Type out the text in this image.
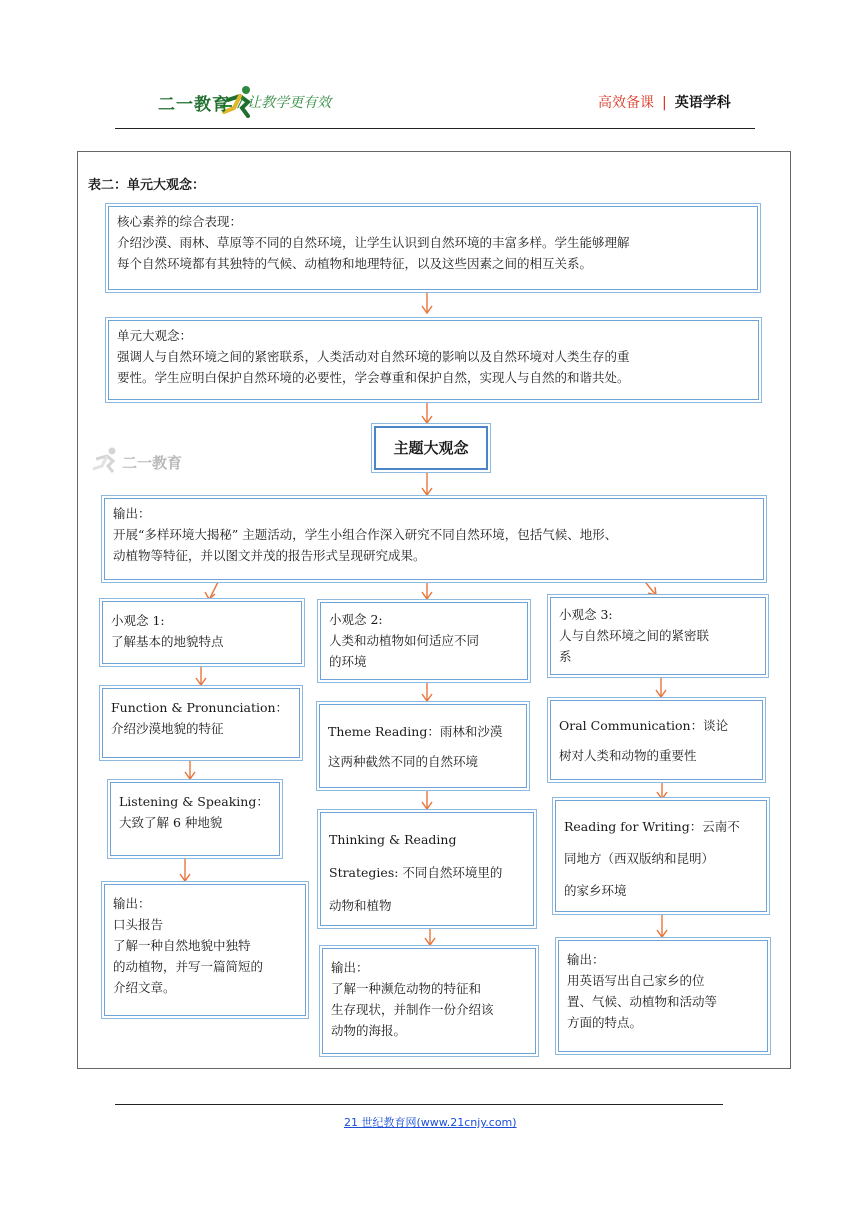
二一教育 / 让教学更有效	高效备课 | 英语学科
表二：单元大观念：
核心素养的综合表现：
介绍沙漠、雨林、草原等不同的自然环境，让学生认识到自然环境的丰富多样。学生能够理解
每个自然环境都有其独特的气候、动植物和地理特征，以及这些因素之间的相互关系。
单元大观念：
强调人与自然环境之间的紧密联系，人类活动对自然环境的影响以及自然环境对人类生存的重
要性。学生应明白保护自然环境的必要性，学会尊重和保护自然，实现人与自然的和谐共处。
主题大观念
二一教育
输出：
开展“多样环境大揭秘” 主题活动，学生小组合作深入研究不同自然环境，包括气候、地形、
动植物等特征，并以图文并茂的报告形式呈现研究成果。
小观念 1:
了解基本的地貌特点
Function & Pronunciation：
介绍沙漠地貌的特征
Listening & Speaking：
大致了解 6 种地貌
输出：
口头报告
了解一种自然地貌中独特
的动植物，并写一篇简短的
介绍文章。
小观念 2:
人类和动植物如何适应不同
的环境
Theme Reading：雨林和沙漠
这两种截然不同的自然环境
Thinking & Reading
Strategies: 不同自然环境里的
动物和植物
输出：
了解一种濒危动物的特征和
生存现状，并制作一份介绍该
动物的海报。
小观念 3:
人与自然环境之间的紧密联
系
Oral Communication：谈论
树对人类和动物的重要性
Reading for Writing：云南不
同地方（西双版纳和昆明）
的家乡环境
输出：
用英语写出自己家乡的位
置、气候、动植物和活动等
方面的特点。
21 世纪教育网(www.21cnjy.com)
